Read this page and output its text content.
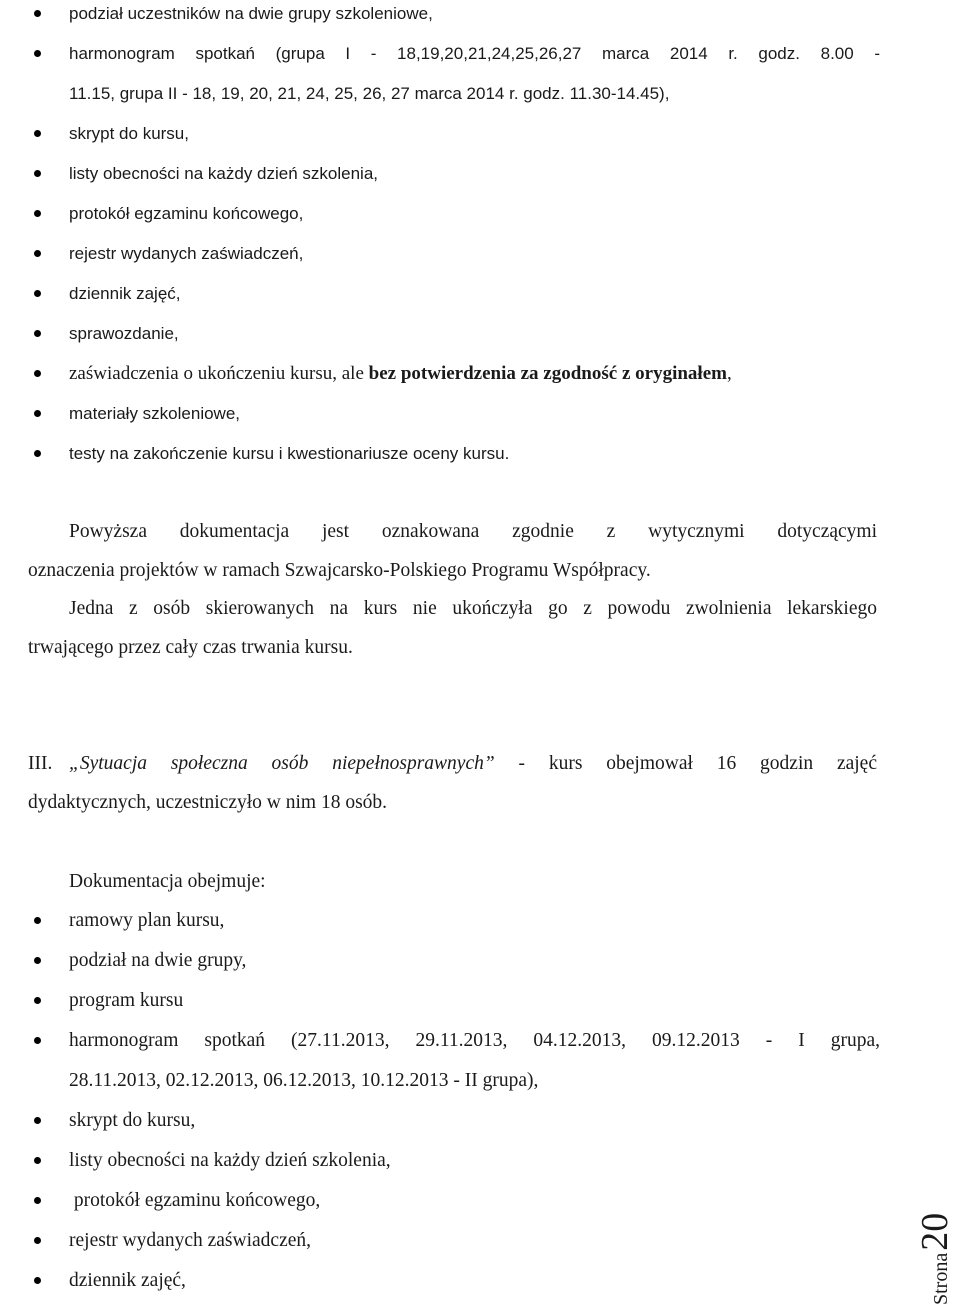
podział uczestników na dwie grupy szkoleniowe,
harmonogram spotkań (grupa I - 18,19,20,21,24,25,26,27 marca 2014 r. godz. 8.00 -
11.15, grupa II - 18, 19, 20, 21, 24, 25, 26, 27 marca 2014 r. godz. 11.30-14.45),
skrypt do kursu,
listy obecności na każdy dzień szkolenia,
protokół egzaminu końcowego,
rejestr wydanych zaświadczeń,
dziennik zajęć,
sprawozdanie,
zaświadczenia o ukończeniu kursu, ale bez potwierdzenia za zgodność z oryginałem,
materiały szkoleniowe,
testy na zakończenie kursu i kwestionariusze oceny kursu.
Powyższa dokumentacja jest oznakowana zgodnie z wytycznymi dotyczącymi
oznaczenia projektów w ramach Szwajcarsko-Polskiego Programu Współpracy.
Jedna z osób skierowanych na kurs nie ukończyła go z powodu zwolnienia lekarskiego
trwającego przez cały czas trwania kursu.
III. „Sytuacja społeczna osób niepełnosprawnych” - kurs obejmował 16 godzin zajęć
dydaktycznych, uczestniczyło w nim 18 osób.
Dokumentacja obejmuje:
ramowy plan kursu,
podział na dwie grupy,
program kursu
harmonogram spotkań (27.11.2013, 29.11.2013, 04.12.2013, 09.12.2013 - I grupa,
28.11.2013, 02.12.2013, 06.12.2013, 10.12.2013 - II grupa),
skrypt do kursu,
listy obecności na każdy dzień szkolenia,
protokół egzaminu końcowego,
rejestr wydanych zaświadczeń,
dziennik zajęć,	Strona
20
